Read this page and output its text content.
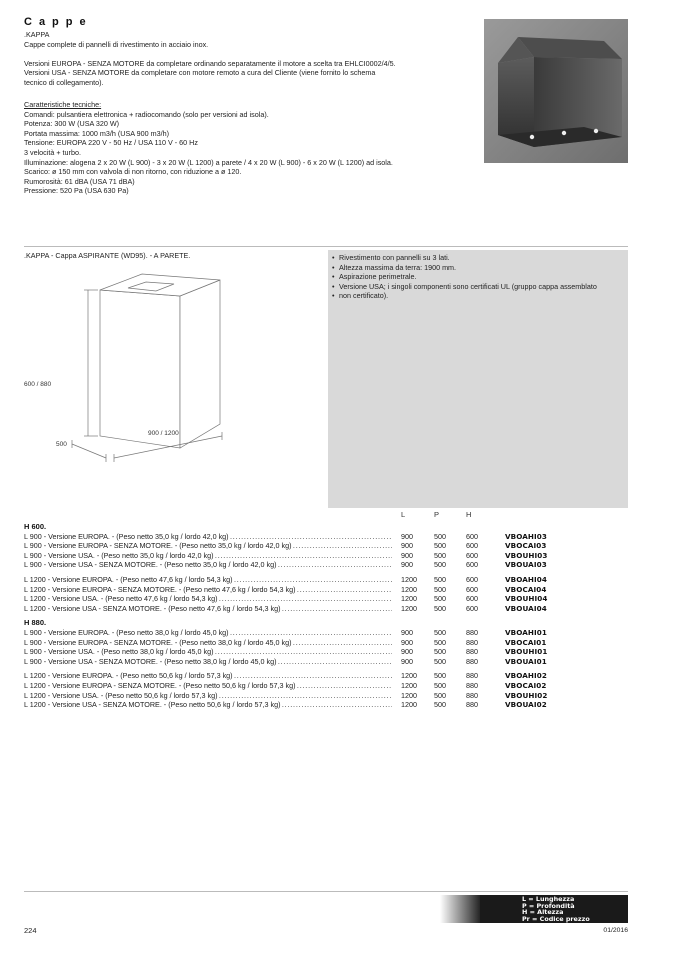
Cappe
.KAPPA
Cappe complete di pannelli di rivestimento in acciaio inox.
Versioni EUROPA - SENZA MOTORE da completare ordinando separatamente il motore a scelta tra EHLCI0002/4/5.
Versioni USA - SENZA MOTORE da completare con motore remoto a cura del Cliente (viene fornito lo schema
tecnico di collegamento).
Caratteristiche tecniche:
Comandi: pulsantiera elettronica + radiocomando (solo per versioni ad isola).
Potenza: 300 W (USA 320 W)
Portata massima: 1000 m3/h (USA 900 m3/h)
Tensione: EUROPA 220 V - 50 Hz / USA 110 V - 60 Hz
3 velocità + turbo.
Illuminazione: alogena 2 x 20 W (L 900) - 3 x 20 W (L 1200) a parete / 4 x 20 W (L 900) - 6 x 20 W (L 1200) ad isola.
Scarico: ø 150 mm con valvola di non ritorno, con riduzione a ø 120.
Rumorosità: 61 dBA (USA 71 dBA)
Pressione: 520 Pa (USA 630 Pa)
.KAPPA - Cappa ASPIRANTE (WD95). - A PARETE.
•	Rivestimento con pannelli su 3 lati.
• Altezza massima da terra: 1900 mm.
• Aspirazione perimetrale.
• Versione USA; i singoli componenti sono certificati UL (gruppo cappa assemblato
• non certificato).
600 / 880
500
900 / 1200
L	P	H
H 600.
L 900 - Versione EUROPA. - (Peso netto 35,0 kg / lordo 42,0 kg) . . .	900	500	600	VBOAHI03
L 900 - Versione EUROPA - SENZA MOTORE. - (Peso netto 35,0 kg / lordo 42,0 kg) . . .	900	500	600	VBOCAI03
L 900 - Versione USA. - (Peso netto 35,0 kg / lordo 42,0 kg) . . .	900	500	600	VBOUHI03
L 900 - Versione USA - SENZA MOTORE. - (Peso netto 35,0 kg / lordo 42,0 kg) . . .	900	500	600	VBOUAI03
L 1200 - Versione EUROPA. - (Peso netto 47,6 kg / lordo 54,3 kg) . . .	1200 500	600	VBOAHI04
L 1200 - Versione EUROPA - SENZA MOTORE. - (Peso netto 47,6 kg / lordo 54,3 kg) . . .	1200 500	600	VBOCAI04
L 1200 - Versione USA. - (Peso netto 47,6 kg / lordo 54,3 kg) . . .	1200 500	600	VBOUHI04
L 1200 - Versione USA - SENZA MOTORE. - (Peso netto 47,6 kg / lordo 54,3 kg) . . .	1200 500	600	VBOUAI04
H 880.
L 900 - Versione EUROPA. - (Peso netto 38,0 kg / lordo 45,0 kg) . . .	900	500	880	VBOAHI01
L 900 - Versione EUROPA - SENZA MOTORE. - (Peso netto 38,0 kg / lordo 45,0 kg) . . .	900	500	880	VBOCAI01
L 900 - Versione USA. - (Peso netto 38,0 kg / lordo 45,0 kg) . . .	900	500	880	VBOUHI01
L 900 - Versione USA - SENZA MOTORE. - (Peso netto 38,0 kg / lordo 45,0 kg) . . .	900	500	880	VBOUAI01
L 1200 - Versione EUROPA. - (Peso netto 50,6 kg / lordo 57,3 kg) . . .	1200 500	880	VBOAHI02
L 1200 - Versione EUROPA - SENZA MOTORE. - (Peso netto 50,6 kg / lordo 57,3 kg) . . .	1200 500	880	VBOCAI02
L 1200 - Versione USA. - (Peso netto 50,6 kg / lordo 57,3 kg) . . .	1200 500	880	VBOUHI02
L 1200 - Versione USA - SENZA MOTORE. - (Peso netto 50,6 kg / lordo 57,3 kg) . . .	1200 500	880	VBOUAI02
L = Lunghezza
P = Profondità
H = Altezza
Pr = Codice prezzo
224	01/2016
